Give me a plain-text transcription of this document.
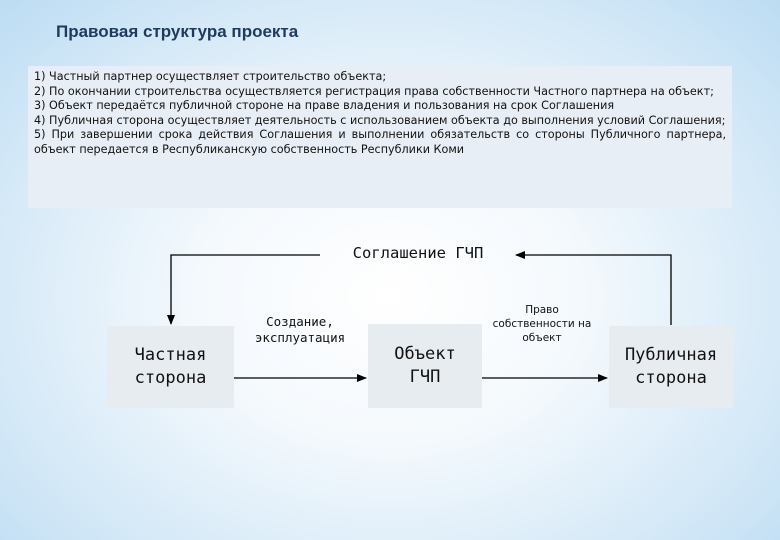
Правовая структура проекта

1) Частный партнер осуществляет строительство объекта;

2) По окончании строительства осуществляется регистрация права собственности Частного партнера на объект;

3) Объект передаётся публичной стороне на праве владения и пользования на срок Соглашения

4) Публичная сторона осуществляет деятельность с использованием объекта до выполнения условий Соглашения;

5) При завершении срока действия Соглашения и выполнении обязательств со стороны Публичного партнера, объект передается в Республиканскую собственность Республики Коми

Соглашение ГЧП
Частная сторона
Объект ГЧП
Публичная сторона
Создание, эксплуатация
Право собственности на объект
